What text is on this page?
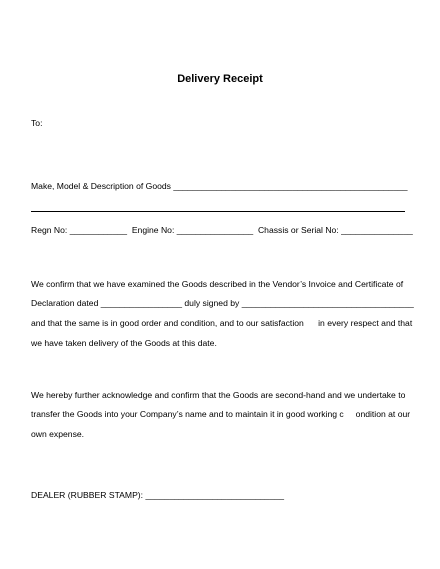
Delivery Receipt
To:
Make, Model & Description of Goods _________________________________________________
Regn No: ____________  Engine No: ________________  Chassis or Serial No: _______________
We confirm that we have examined the Goods described in the Vendor’s Invoice and Certificate of
Declaration dated _________________ duly signed by ____________________________________
and that the same is in good order and condition, and to our satisfaction      in every respect and that
we have taken delivery of the Goods at this date.
We hereby further acknowledge and confirm that the Goods are second-hand and we undertake to
transfer the Goods into your Company’s name and to maintain it in good working c     ondition at our
own expense.
DEALER (RUBBER STAMP): _____________________________
